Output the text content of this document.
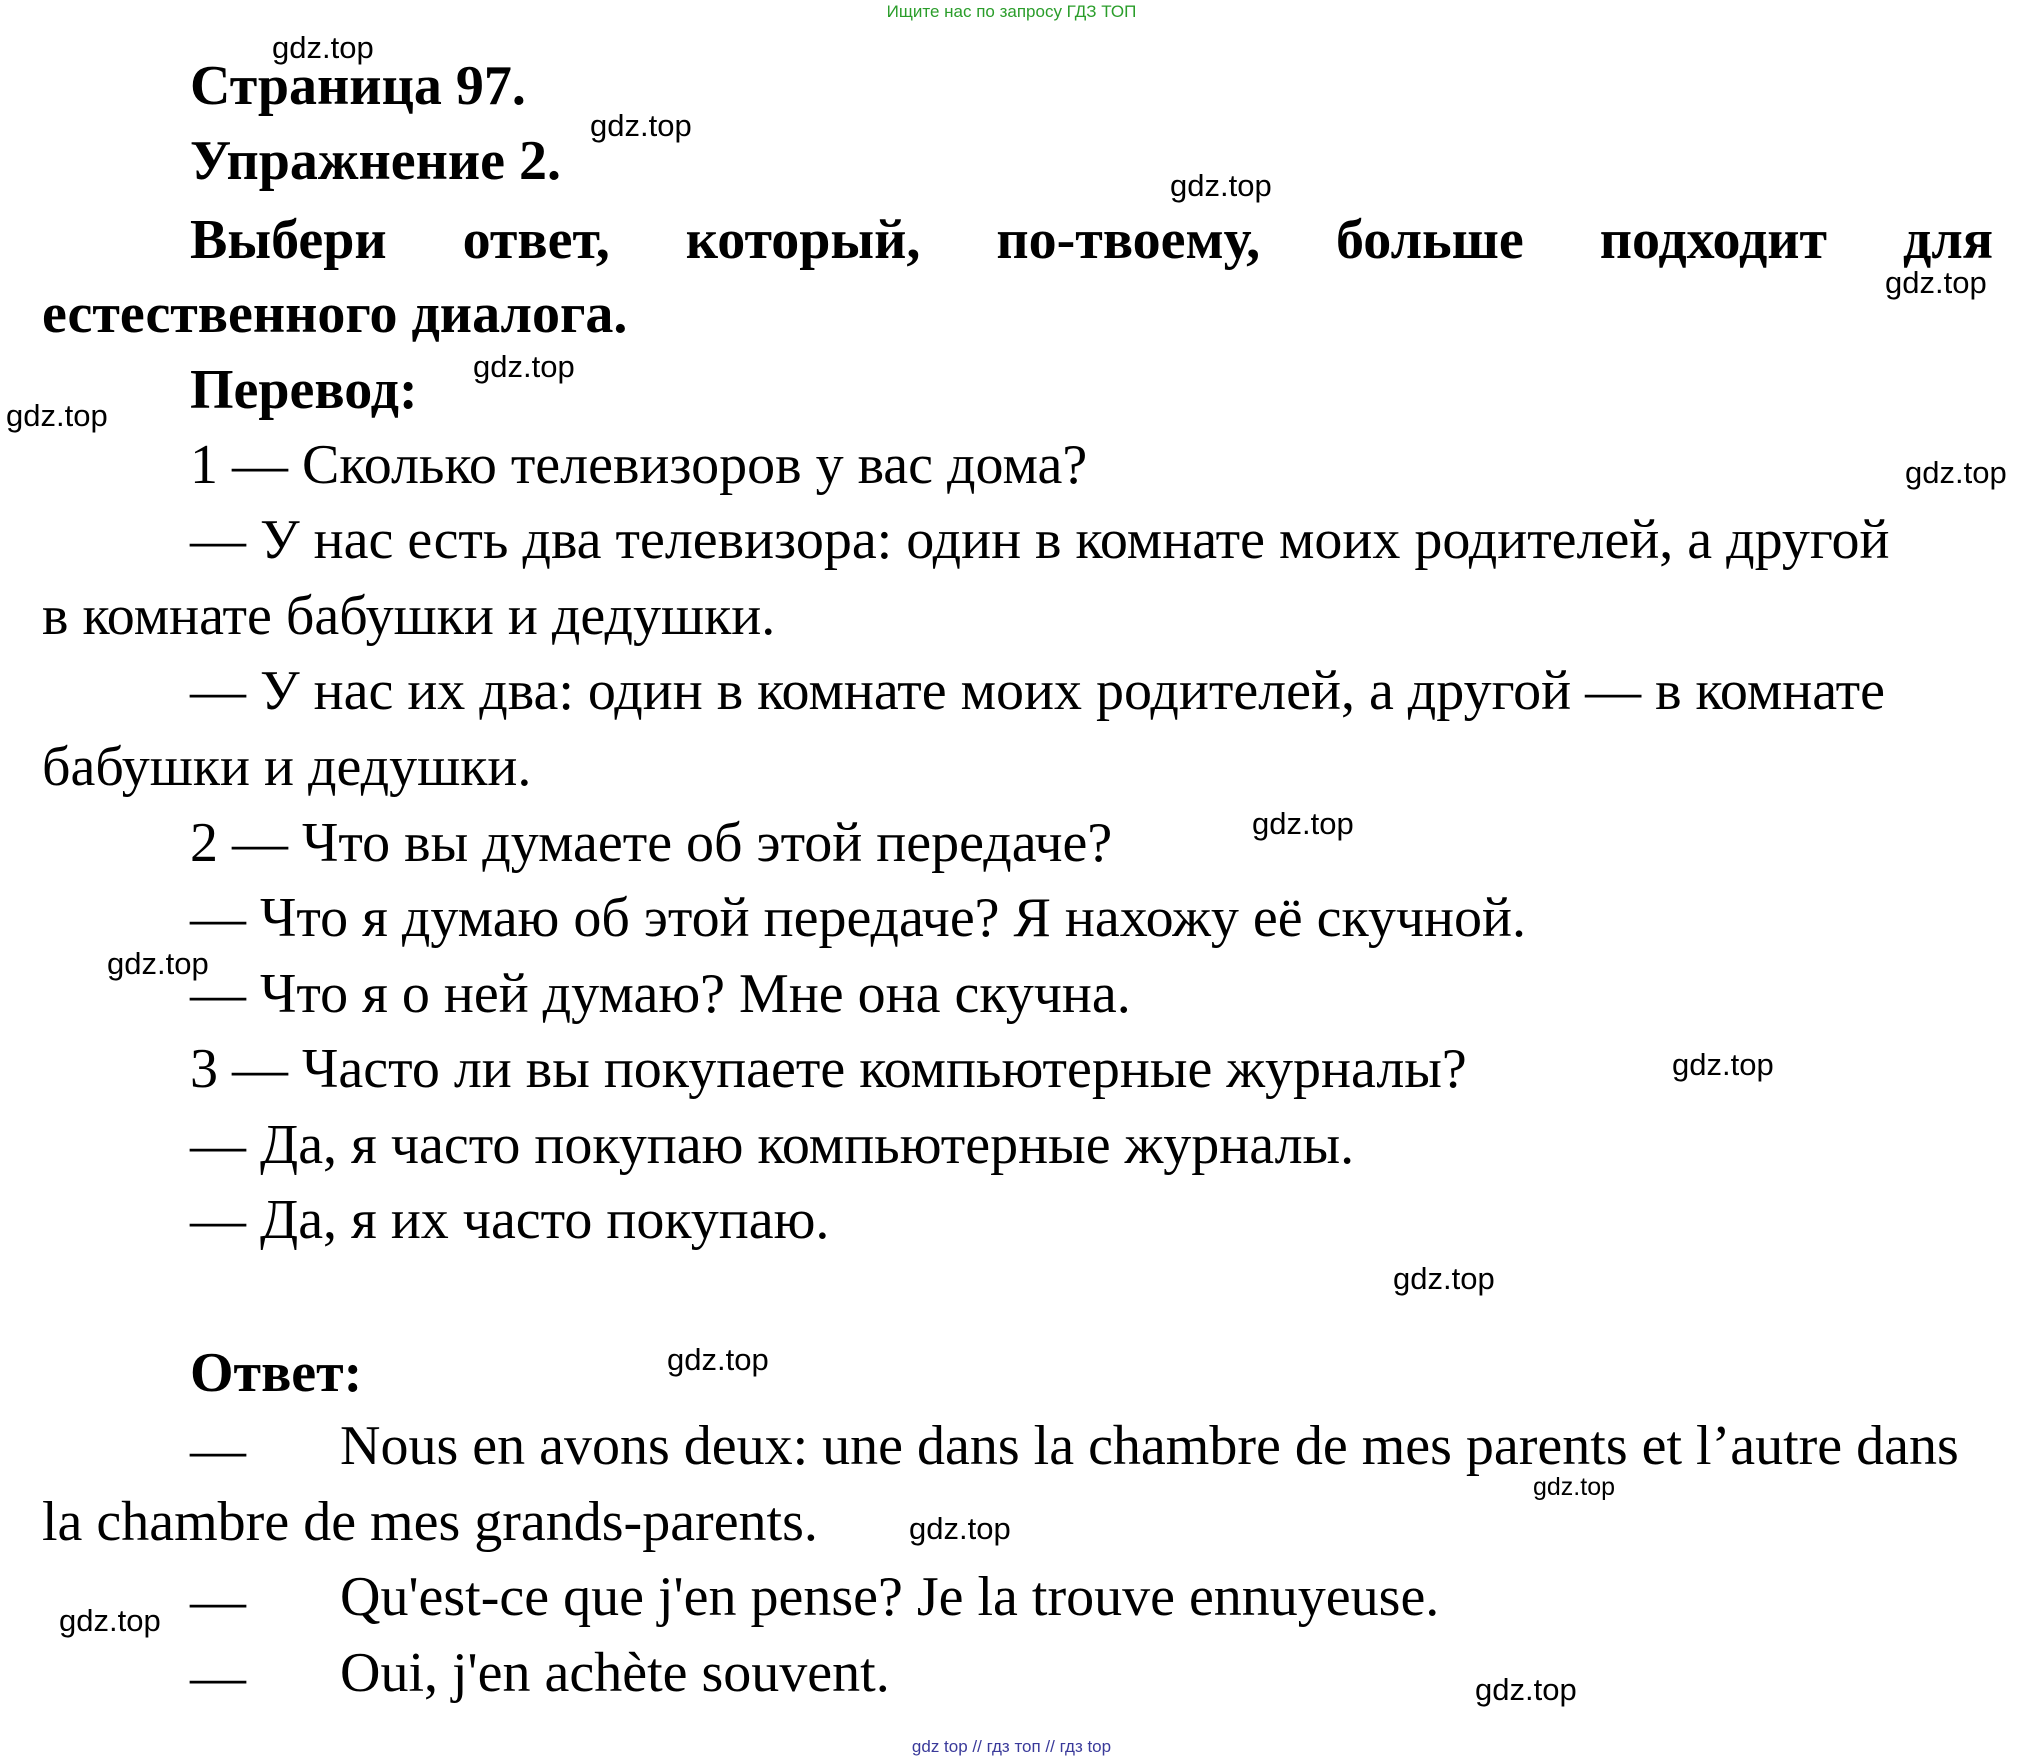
Ищите нас по запросу ГДЗ ТОП
Страница 97.
Упражнение 2.
Выбери ответ, который, по-твоему, больше подходит для
естественного диалога.
Перевод:
1 — Сколько телевизоров у вас дома?
— У нас есть два телевизора: один в комнате моих родителей, а другой
в комнате бабушки и дедушки.
— У нас их два: один в комнате моих родителей, а другой — в комнате
бабушки и дедушки.
2 — Что вы думаете об этой передаче?
— Что я думаю об этой передаче? Я нахожу её скучной.
— Что я о ней думаю? Мне она скучна.
3 — Часто ли вы покупаете компьютерные журналы?
— Да, я часто покупаю компьютерные журналы.
— Да, я их часто покупаю.
Ответ:
— Nous en avons deux: une dans la chambre de mes parents et l’autre dans
la chambre de mes grands-parents.
— Qu'est-ce que j'en pense? Je la trouve ennuyeuse.
— Oui, j'en achète souvent.
gdz.top
gdz.top
gdz.top
gdz.top
gdz.top
gdz.top
gdz.top
gdz.top
gdz.top
gdz.top
gdz.top
gdz.top
gdz.top
gdz.top
gdz.top
gdz.top
gdz top // гдз топ // гдз top
